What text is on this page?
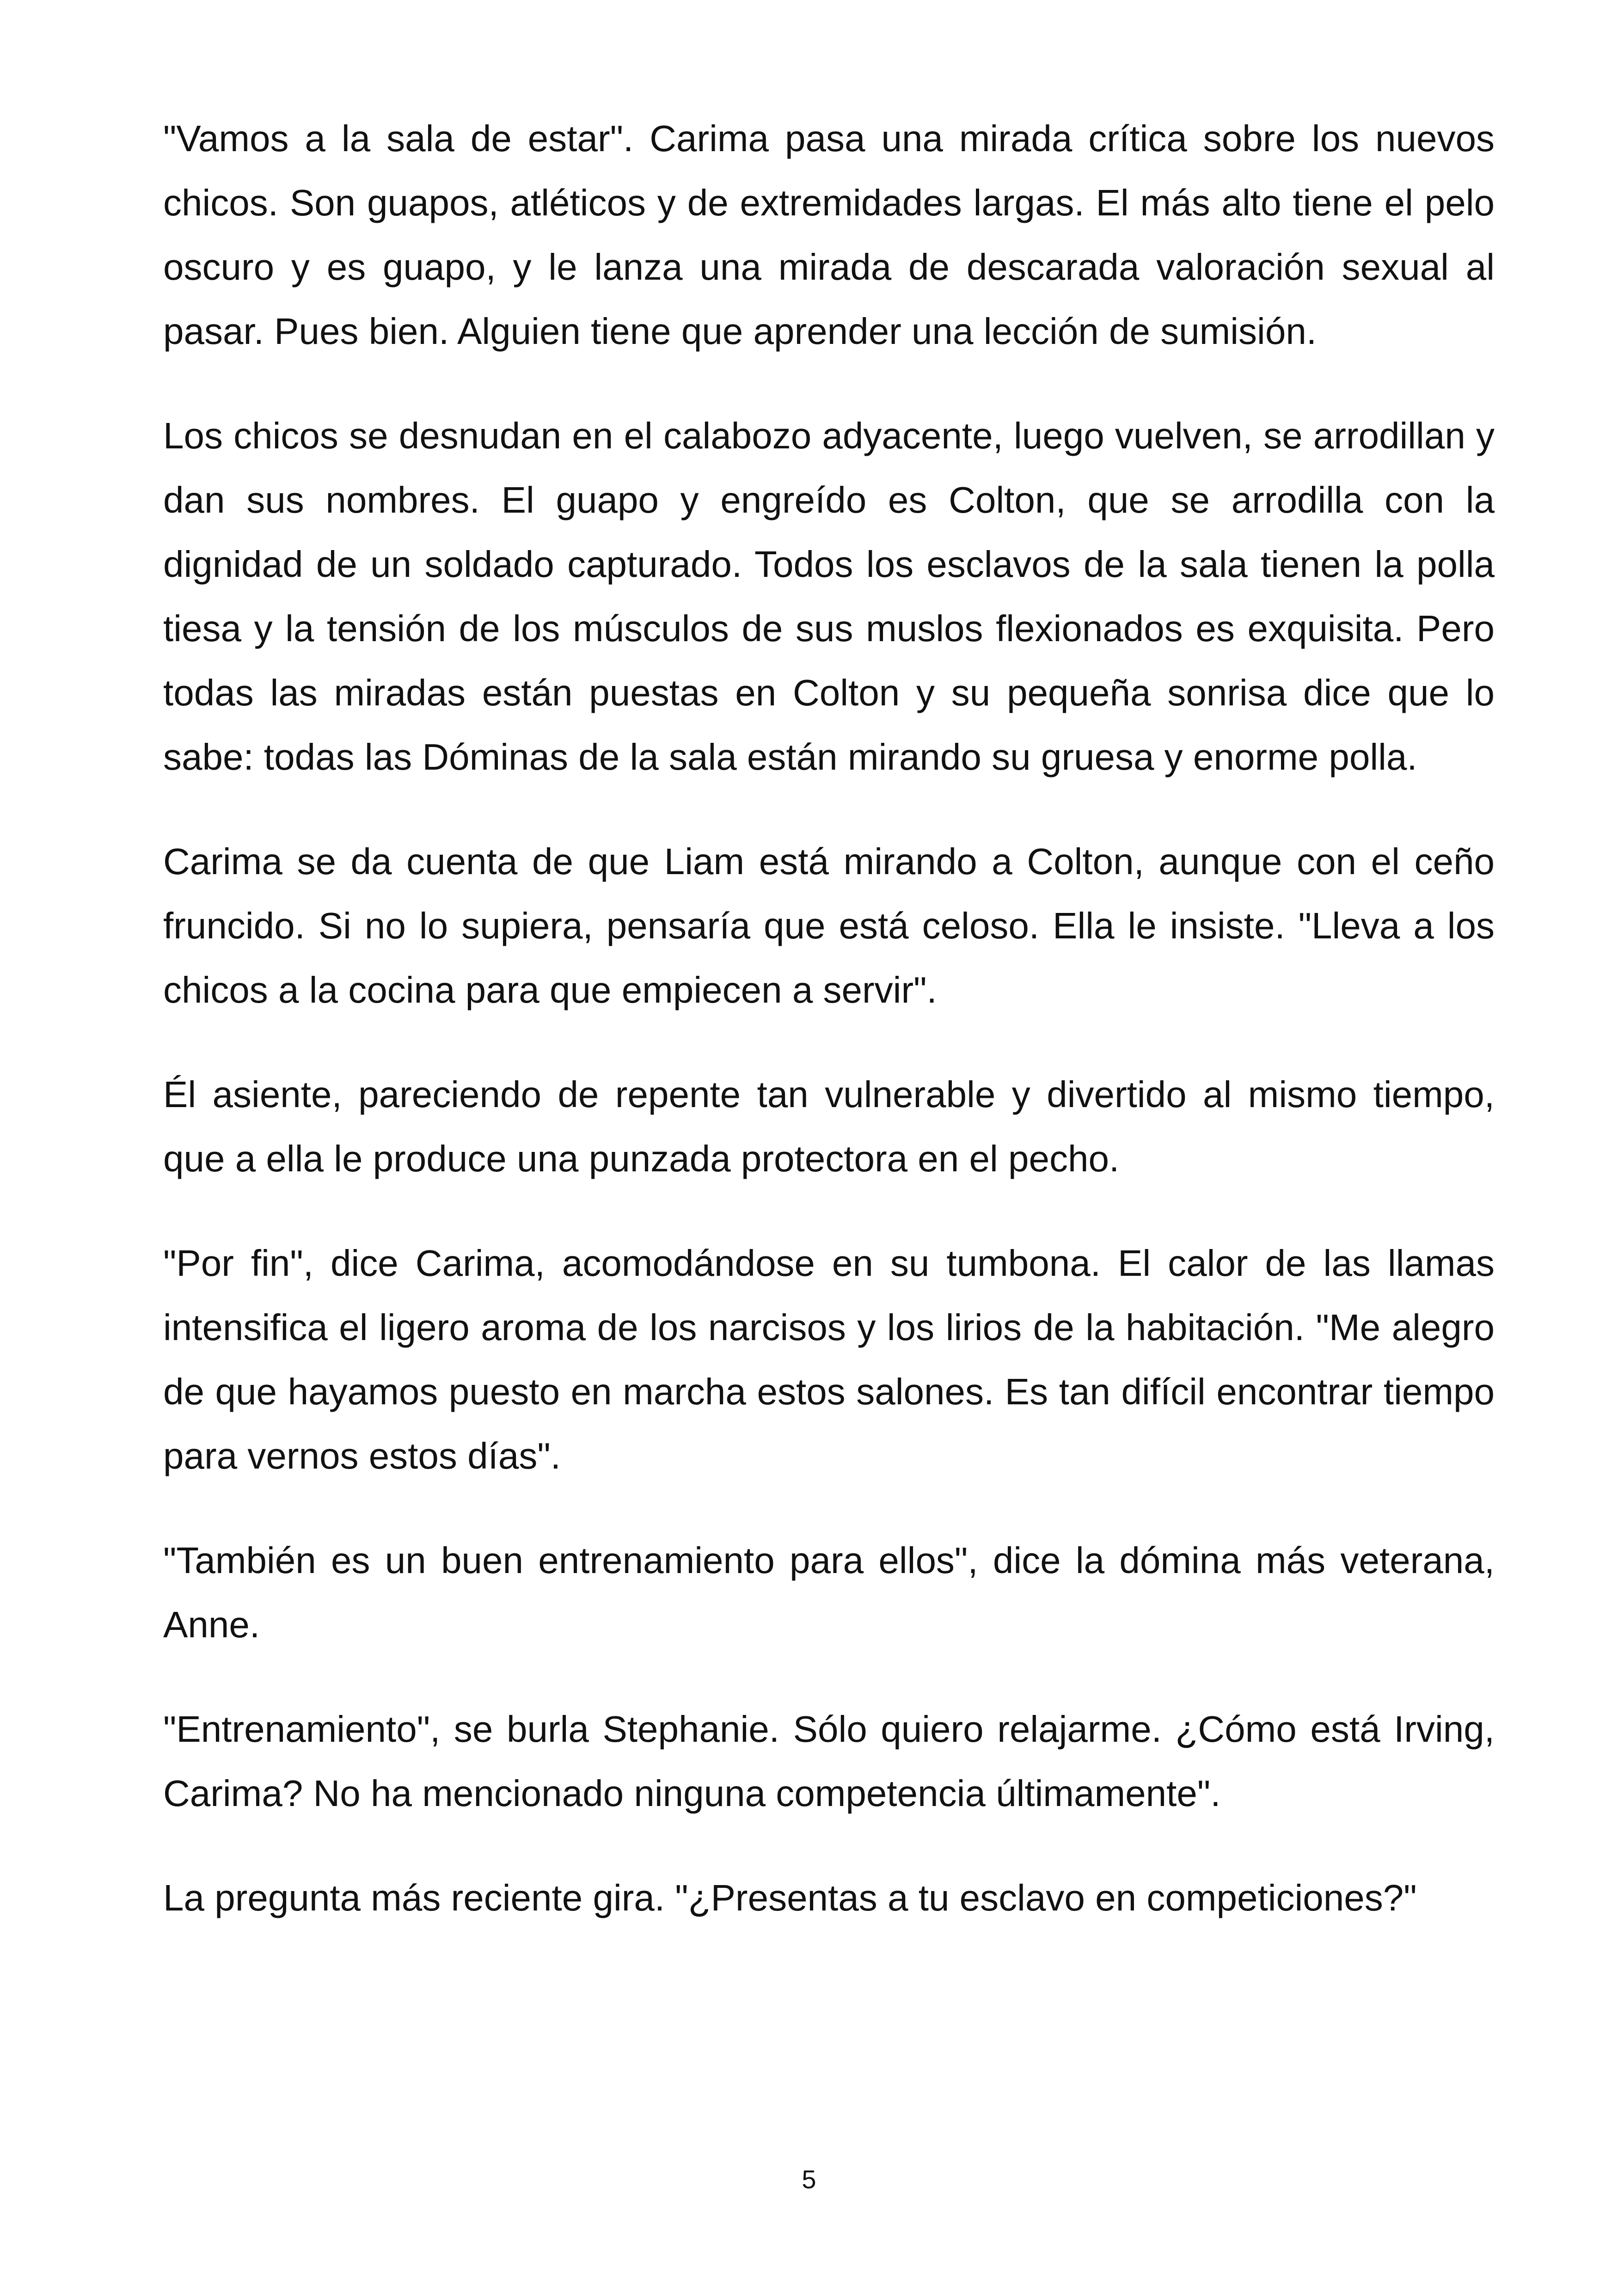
"Vamos a la sala de estar". Carima pasa una mirada crítica sobre los nuevos chicos. Son guapos, atléticos y de extremidades largas. El más alto tiene el pelo oscuro y es guapo, y le lanza una mirada de descarada valoración sexual al pasar. Pues bien. Alguien tiene que aprender una lección de sumisión.

Los chicos se desnudan en el calabozo adyacente, luego vuelven, se arrodillan y dan sus nombres. El guapo y engreído es Colton, que se arrodilla con la dignidad de un soldado capturado. Todos los esclavos de la sala tienen la polla tiesa y la tensión de los músculos de sus muslos flexionados es exquisita. Pero todas las miradas están puestas en Colton y su pequeña sonrisa dice que lo sabe: todas las Dóminas de la sala están mirando su gruesa y enorme polla.

Carima se da cuenta de que Liam está mirando a Colton, aunque con el ceño fruncido. Si no lo supiera, pensaría que está celoso. Ella le insiste. "Lleva a los chicos a la cocina para que empiecen a servir".

Él asiente, pareciendo de repente tan vulnerable y divertido al mismo tiempo, que a ella le produce una punzada protectora en el pecho.

"Por fin", dice Carima, acomodándose en su tumbona. El calor de las llamas intensifica el ligero aroma de los narcisos y los lirios de la habitación. "Me alegro de que hayamos puesto en marcha estos salones. Es tan difícil encontrar tiempo para vernos estos días".

"También es un buen entrenamiento para ellos", dice la dómina más veterana, Anne.

"Entrenamiento", se burla Stephanie. Sólo quiero relajarme. ¿Cómo está Irving, Carima? No ha mencionado ninguna competencia últimamente".

La pregunta más reciente gira. "¿Presentas a tu esclavo en competiciones?"

5
